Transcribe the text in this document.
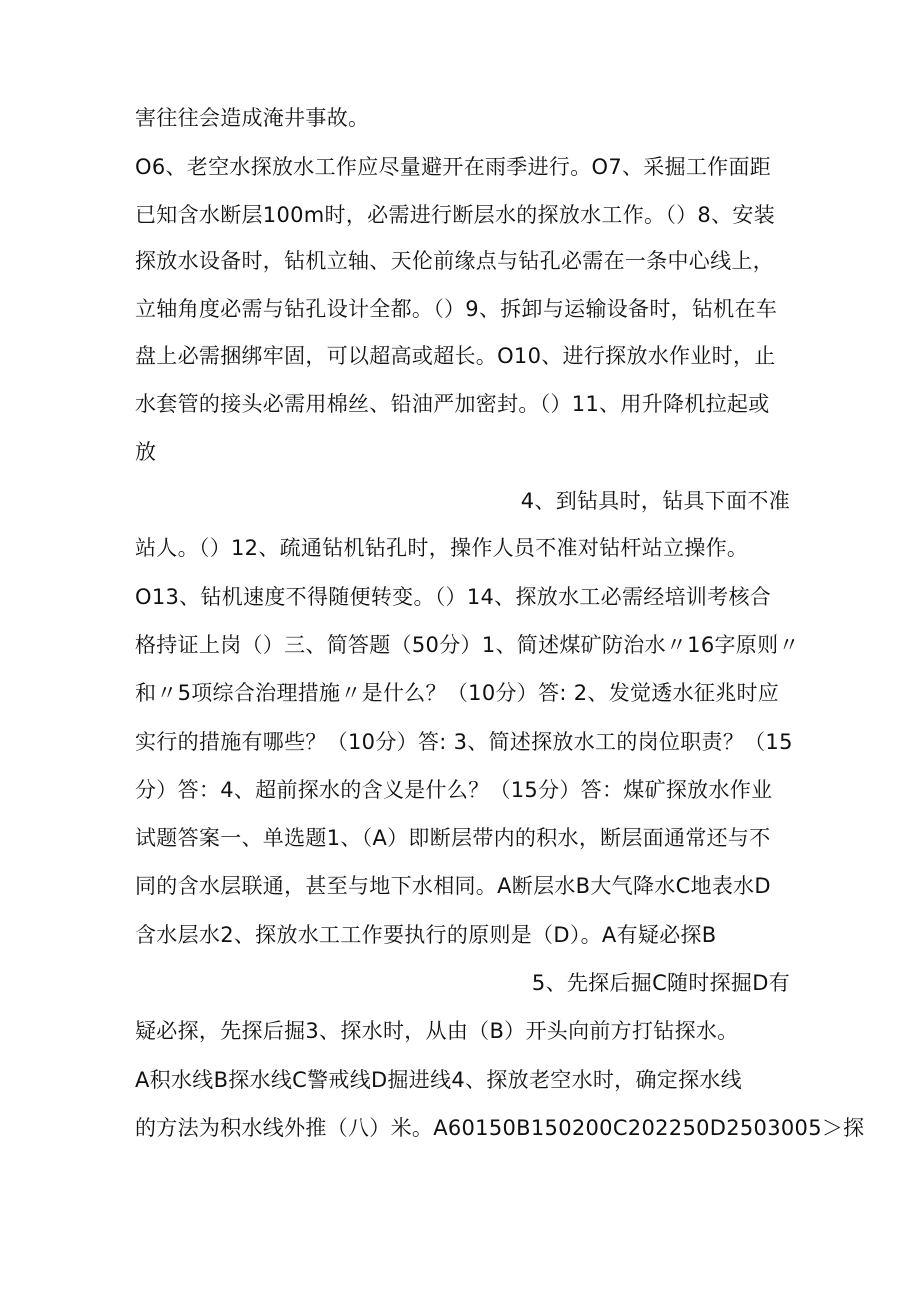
害往往会造成淹井事故。
O6、老空水探放水工作应尽量避开在雨季进行。O7、采掘工作面距
已知含水断层100m时，必需进行断层水的探放水工作。（）8、安装
探放水设备时，钻机立轴、天伦前缘点与钻孔必需在一条中心线上，
立轴角度必需与钻孔设计全都。（）9、拆卸与运输设备时，钻机在车
盘上必需捆绑牢固，可以超高或超长。O10、进行探放水作业时，止
水套管的接头必需用棉丝、铅油严加密封。（）11、用升降机拉起或
放
4、到钻具时，钻具下面不准
站人。（）12、疏通钻机钻孔时，操作人员不准对钻杆站立操作。
O13、钻机速度不得随便转变。（）14、探放水工必需经培训考核合
格持证上岗（）三、简答题（50分）1、简述煤矿防治水〃16字原则〃
和〃5项综合治理措施〃是什么？（10分）答: 2、发觉透水征兆时应
实行的措施有哪些？（10分）答: 3、简述探放水工的岗位职责？（15
分）答：4、超前探水的含义是什么？（15分）答：煤矿探放水作业
试题答案一、单选题1、（A）即断层带内的积水，断层面通常还与不
同的含水层联通，甚至与地下水相同。A断层水B大气降水C地表水D
含水层水2、探放水工工作要执行的原则是（D）。A有疑必探B
5、先探后掘C随时探掘D有
疑必探，先探后掘3、探水时，从由（B）开头向前方打钻探水。
A积水线B探水线C警戒线D掘进线4、探放老空水时，确定探水线
的方法为积水线外推（八）米。A60150B150200C202250D2503005＞探
